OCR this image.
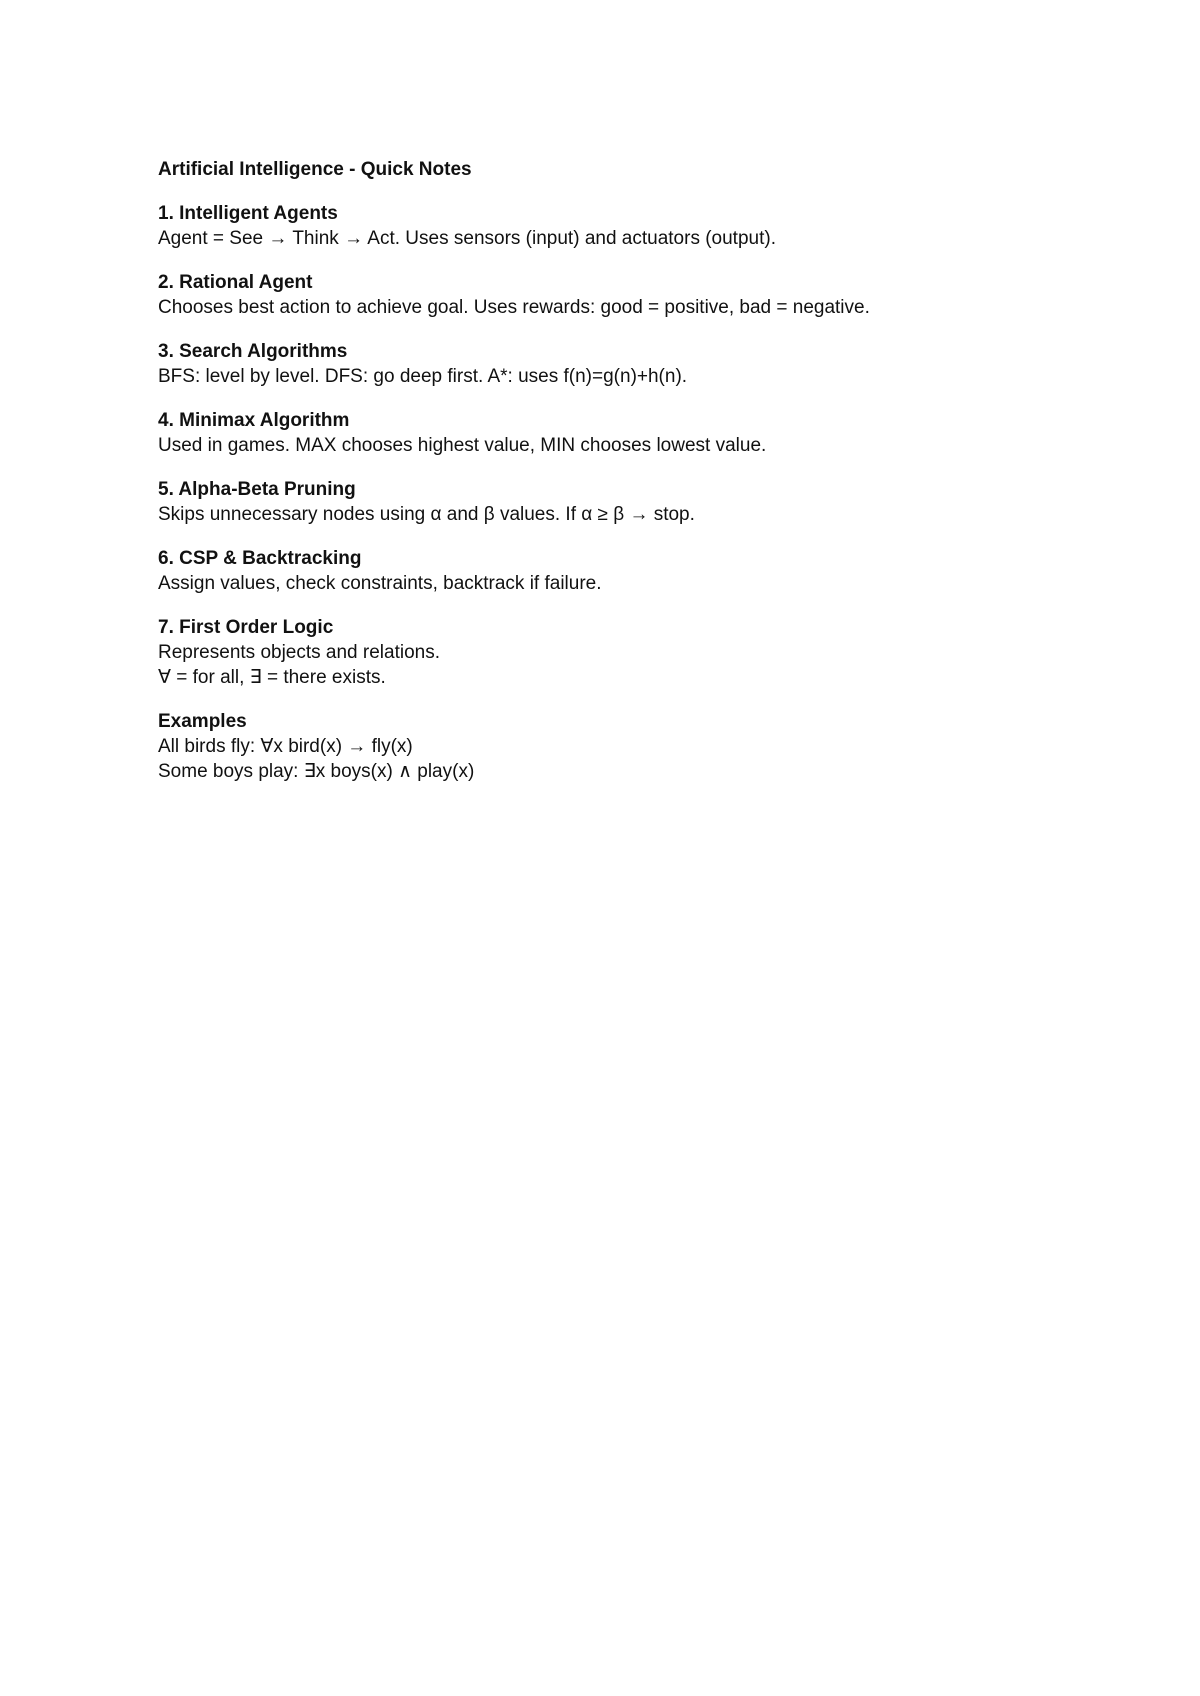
Artificial Intelligence - Quick Notes
1. Intelligent Agents
Agent = See → Think → Act. Uses sensors (input) and actuators (output).
2. Rational Agent
Chooses best action to achieve goal. Uses rewards: good = positive, bad = negative.
3. Search Algorithms
BFS: level by level. DFS: go deep first. A*: uses f(n)=g(n)+h(n).
4. Minimax Algorithm
Used in games. MAX chooses highest value, MIN chooses lowest value.
5. Alpha-Beta Pruning
Skips unnecessary nodes using α and β values. If α ≥ β → stop.
6. CSP & Backtracking
Assign values, check constraints, backtrack if failure.
7. First Order Logic
Represents objects and relations.
∀ = for all, ∃ = there exists.
Examples
All birds fly: ∀x bird(x) → fly(x)
Some boys play: ∃x boys(x) ∧ play(x)
